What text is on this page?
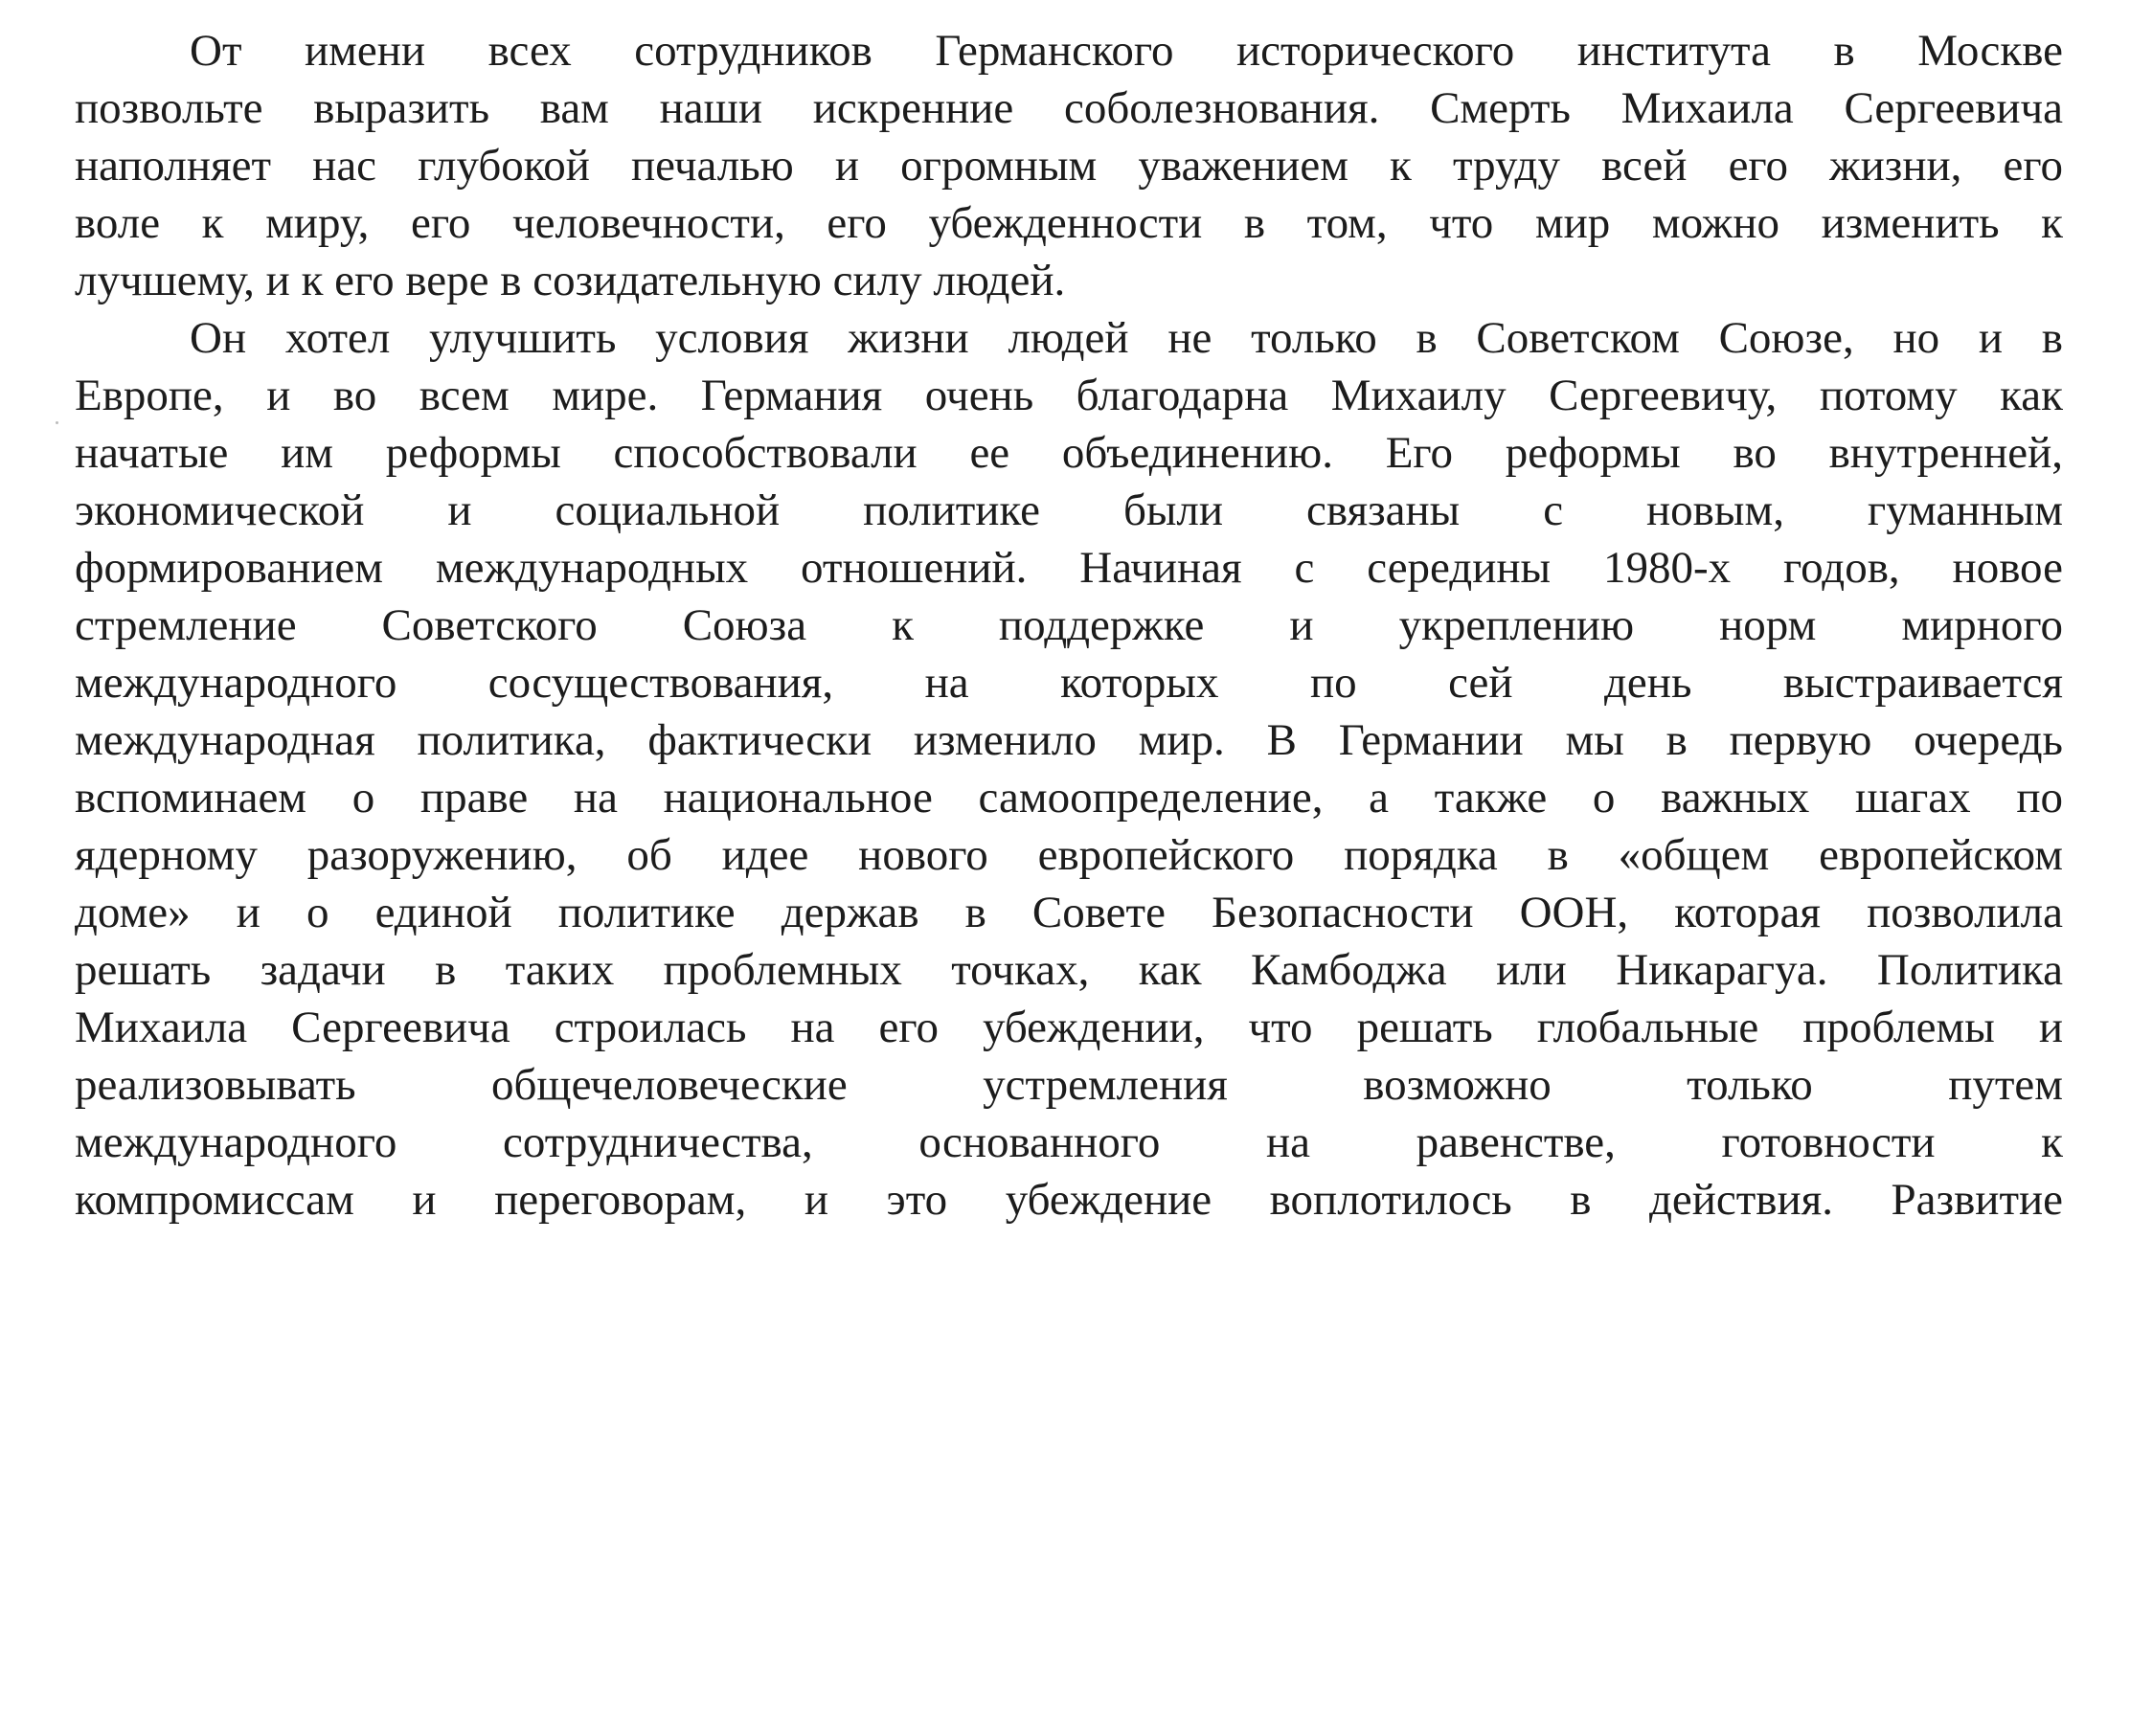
От имени всех сотрудников Германского исторического института в Москве
позвольте выразить вам наши искренние соболезнования. Смерть Михаила Сергеевича
наполняет нас глубокой печалью и огромным уважением к труду всей его жизни, его
воле к миру, его человечности, его убежденности в том, что мир можно изменить к
лучшему, и к его вере в созидательную силу людей.
Он хотел улучшить условия жизни людей не только в Советском Союзе, но и в
Европе, и во всем мире. Германия очень благодарна Михаилу Сергеевичу, потому как
начатые им реформы способствовали ее объединению. Его реформы во внутренней,
экономической и социальной политике были связаны с новым, гуманным
формированием международных отношений. Начиная с середины 1980-х годов, новое
стремление Советского Союза к поддержке и укреплению норм мирного
международного сосуществования, на которых по сей день выстраивается
международная политика, фактически изменило мир. В Германии мы в первую очередь
вспоминаем о праве на национальное самоопределение, а также о важных шагах по
ядерному разоружению, об идее нового европейского порядка в «общем европейском
доме» и о единой политике держав в Совете Безопасности ООН, которая позволила
решать задачи в таких проблемных точках, как Камбоджа или Никарагуа. Политика
Михаила Сергеевича строилась на его убеждении, что решать глобальные проблемы и
реализовывать общечеловеческие устремления возможно только путем
международного сотрудничества, основанного на равенстве, готовности к
компромиссам и переговорам, и это убеждение воплотилось в действия. Развитие
